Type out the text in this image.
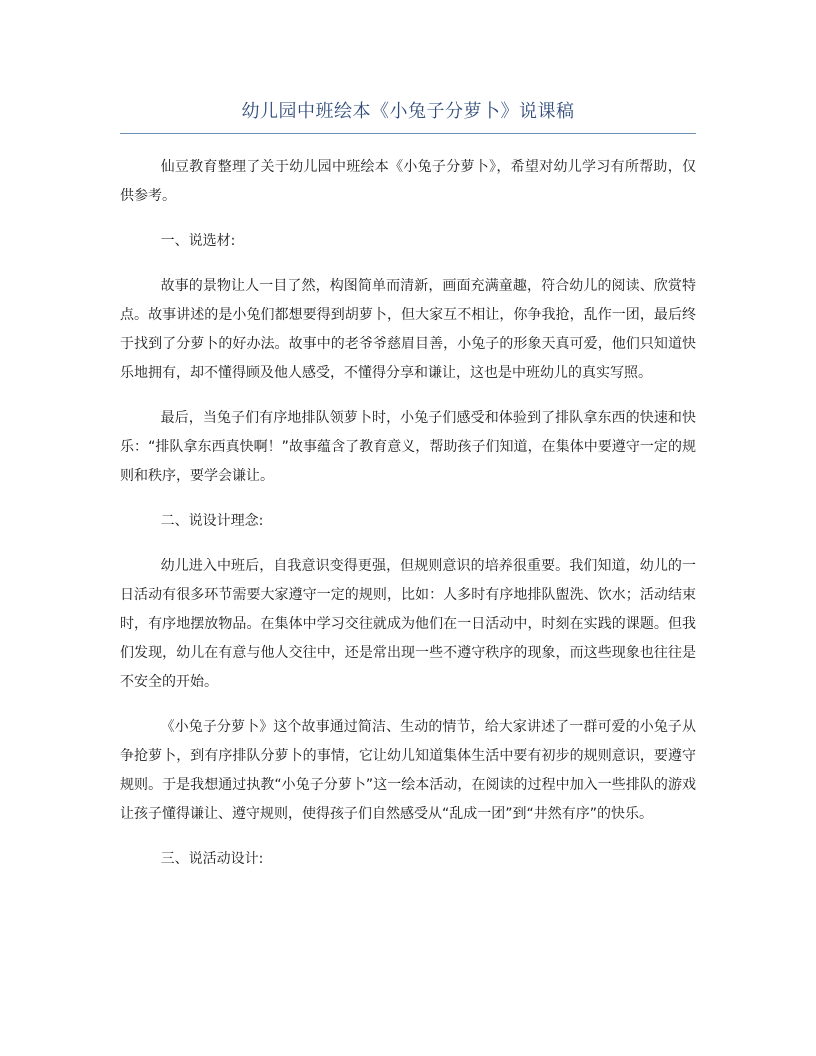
幼儿园中班绘本《小兔子分萝卜》说课稿

仙豆教育整理了关于幼儿园中班绘本《小兔子分萝卜》，希望对幼儿学习有所帮助，仅供参考。

一、说选材:

故事的景物让人一目了然，构图简单而清新，画面充满童趣，符合幼儿的阅读、欣赏特点。故事讲述的是小兔们都想要得到胡萝卜，但大家互不相让，你争我抢，乱作一团，最后终于找到了分萝卜的好办法。故事中的老爷爷慈眉目善，小兔子的形象天真可爱，他们只知道快乐地拥有，却不懂得顾及他人感受，不懂得分享和谦让，这也是中班幼儿的真实写照。

最后，当兔子们有序地排队领萝卜时，小兔子们感受和体验到了排队拿东西的快速和快乐：“排队拿东西真快啊！”故事蕴含了教育意义，帮助孩子们知道，在集体中要遵守一定的规则和秩序，要学会谦让。

二、说设计理念:

幼儿进入中班后，自我意识变得更强，但规则意识的培养很重要。我们知道，幼儿的一日活动有很多环节需要大家遵守一定的规则，比如：人多时有序地排队盥洗、饮水；活动结束时，有序地摆放物品。在集体中学习交往就成为他们在一日活动中，时刻在实践的课题。但我们发现，幼儿在有意与他人交往中，还是常出现一些不遵守秩序的现象，而这些现象也往往是不安全的开始。

《小兔子分萝卜》这个故事通过简洁、生动的情节，给大家讲述了一群可爱的小兔子从争抢萝卜，到有序排队分萝卜的事情，它让幼儿知道集体生活中要有初步的规则意识，要遵守规则。于是我想通过执教“小兔子分萝卜”这一绘本活动，在阅读的过程中加入一些排队的游戏让孩子懂得谦让、遵守规则，使得孩子们自然感受从“乱成一团”到“井然有序”的快乐。

三、说活动设计:
